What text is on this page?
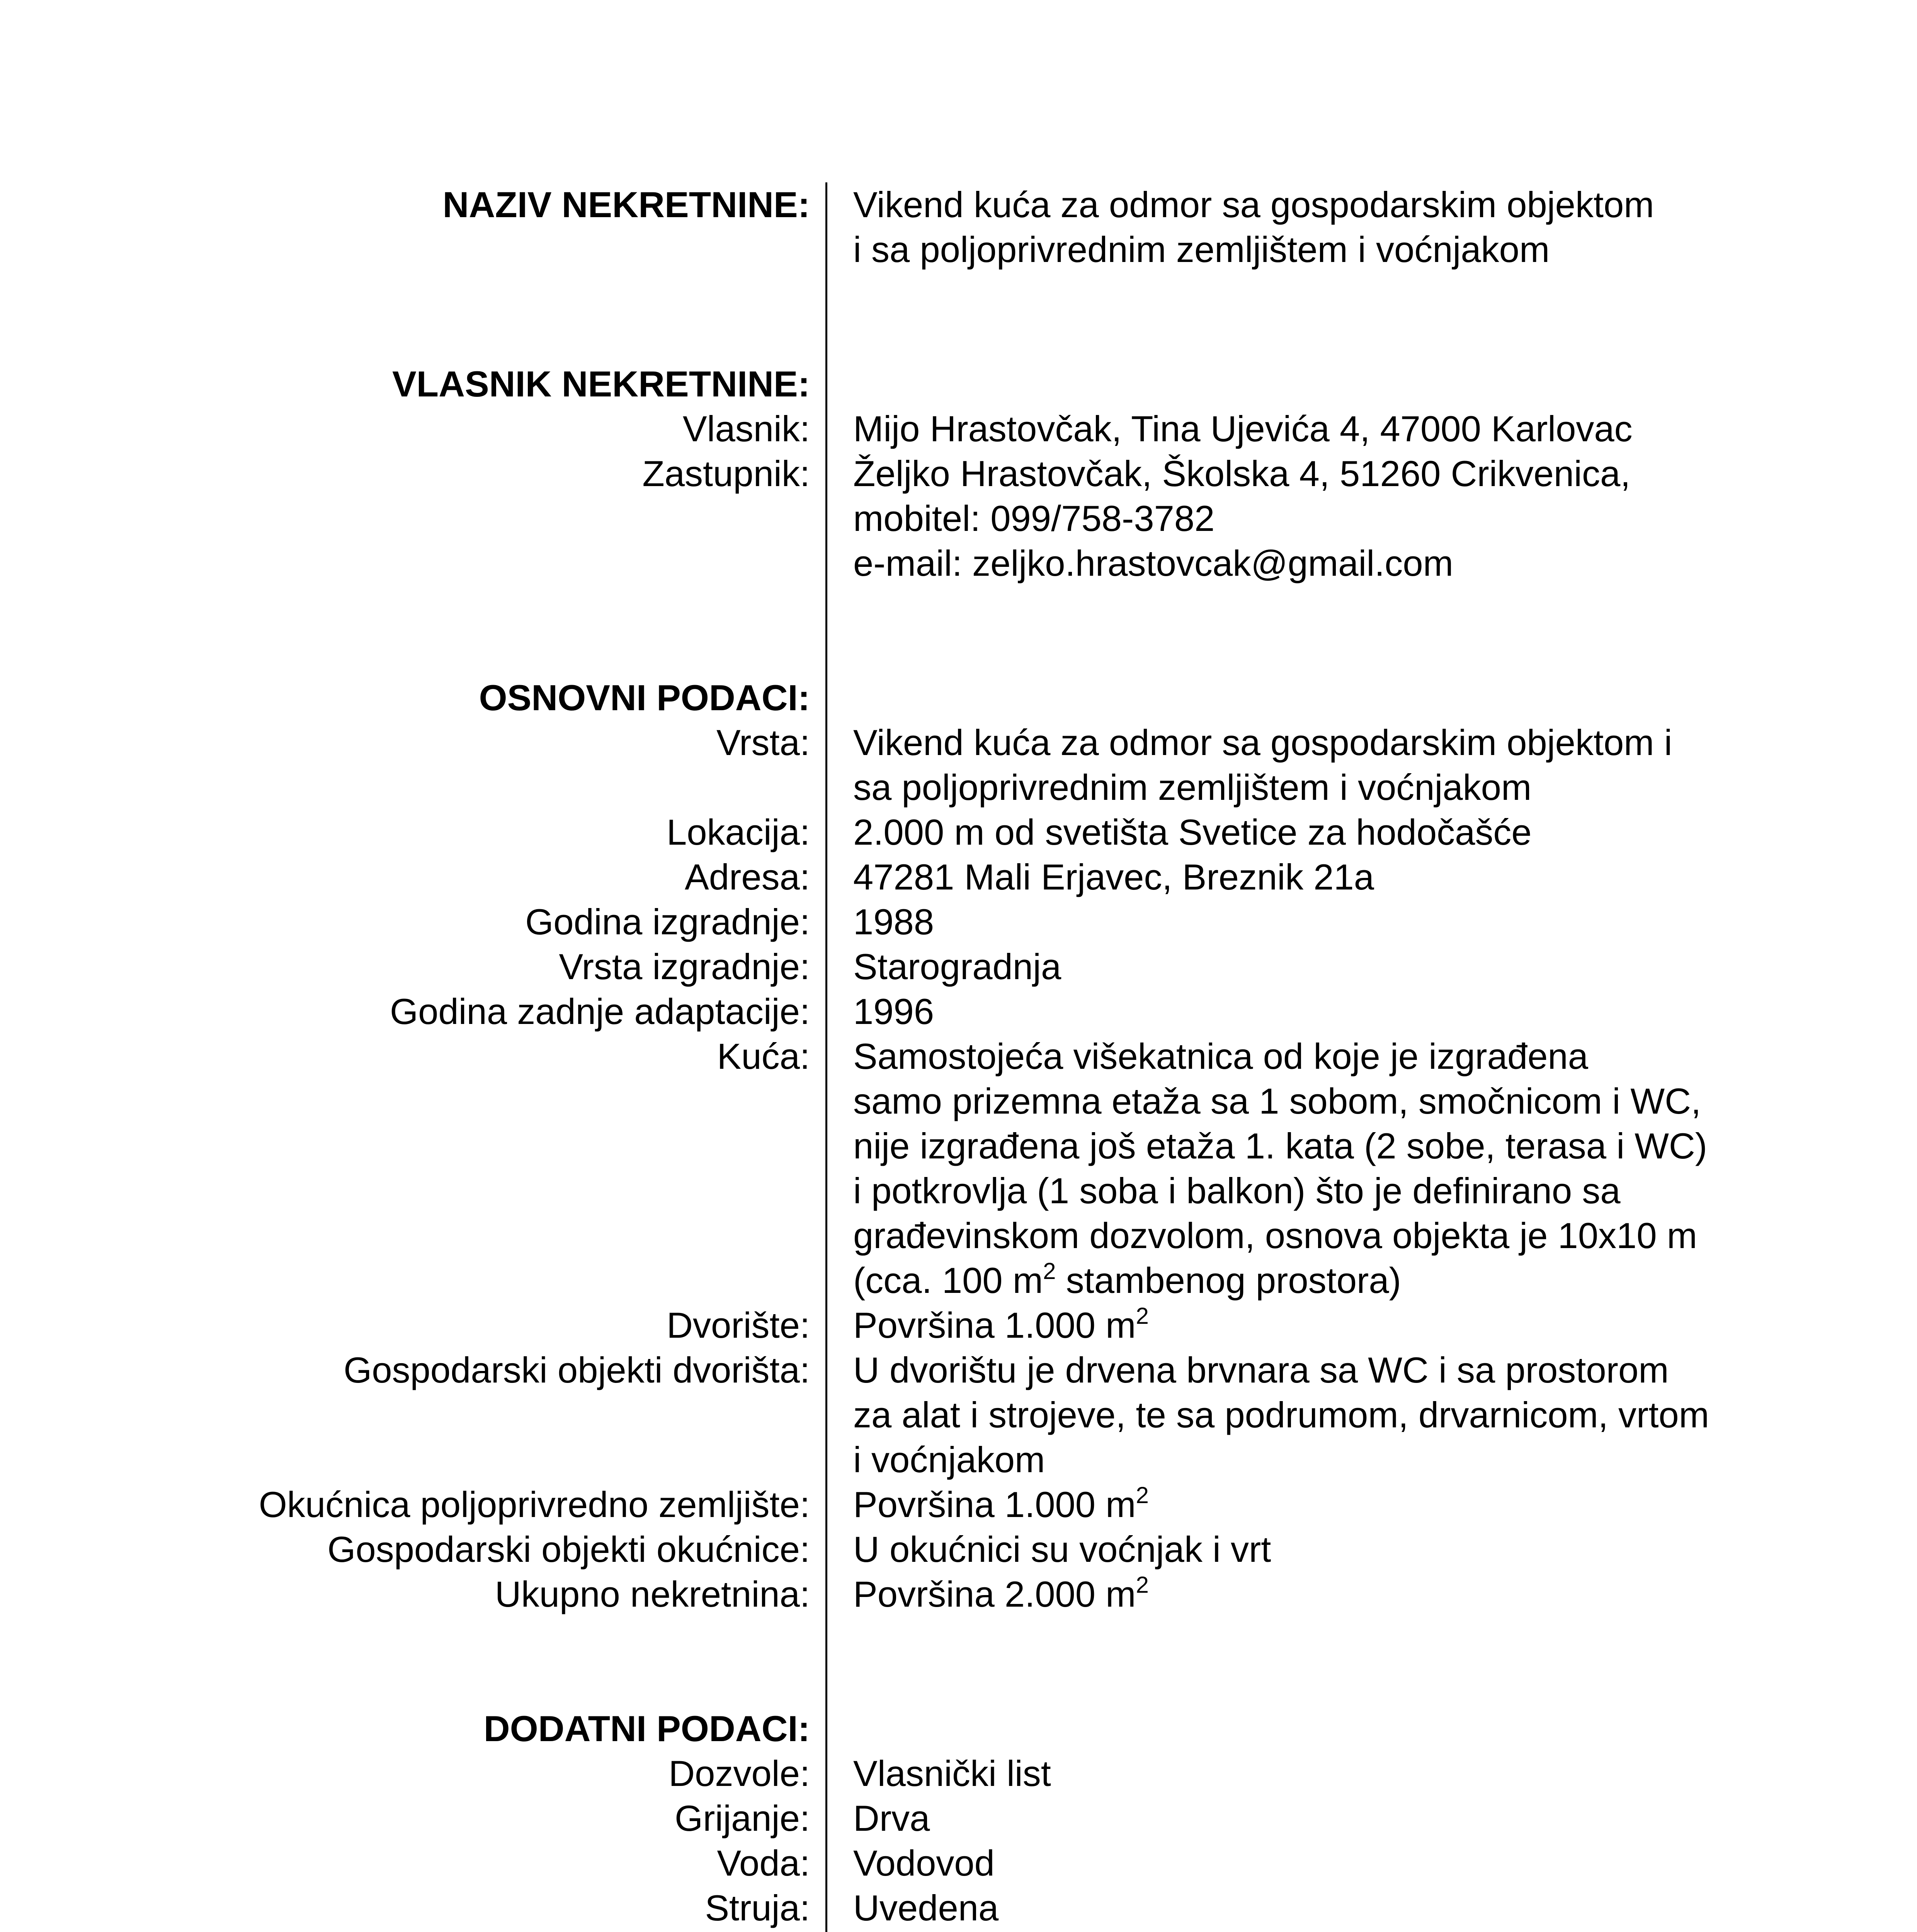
NAZIV NEKRETNINE: Vikend kuća za odmor sa gospodarskim objektom
i sa poljoprivrednim zemljištem i voćnjakom
VLASNIK NEKRETNINE:
Vlasnik: Mijo Hrastovčak, Tina Ujevića 4, 47000 Karlovac
Zastupnik: Željko Hrastovčak, Školska 4, 51260 Crikvenica,
mobitel: 099/758-3782
e-mail: zeljko.hrastovcak@gmail.com
OSNOVNI PODACI:
Vrsta: Vikend kuća za odmor sa gospodarskim objektom i
sa poljoprivrednim zemljištem i voćnjakom
Lokacija: 2.000 m od svetišta Svetice za hodočašće
Adresa: 47281 Mali Erjavec, Breznik 21a
Godina izgradnje: 1988
Vrsta izgradnje: Starogradnja
Godina zadnje adaptacije: 1996
Kuća: Samostojeća višekatnica od koje je izgrađena
samo prizemna etaža sa 1 sobom, smočnicom i WC,
nije izgrađena još etaža 1. kata (2 sobe, terasa i WC)
i potkrovlja (1 soba i balkon) što je definirano sa
građevinskom dozvolom, osnova objekta je 10x10 m
(cca. 100 $m^2$ stambenog prostora)
Dvorište: Površina 1.000 $m^2$
Gospodarski objekti dvorišta: U dvorištu je drvena brvnara sa WC i sa prostorom
za alat i strojeve, te sa podrumom, drvarnicom, vrtom
i voćnjakom
Okućnica poljoprivredno zemljište: Površina 1.000 $m^2$
Gospodarski objekti okućnice: U okućnici su voćnjak i vrt
Ukupno nekretnina: Površina 2.000 $m^2$
DODATNI PODACI:
Dozvole: Vlasnički list
Grijanje: Drva
Voda: Vodovod
Struja: Uvedena
